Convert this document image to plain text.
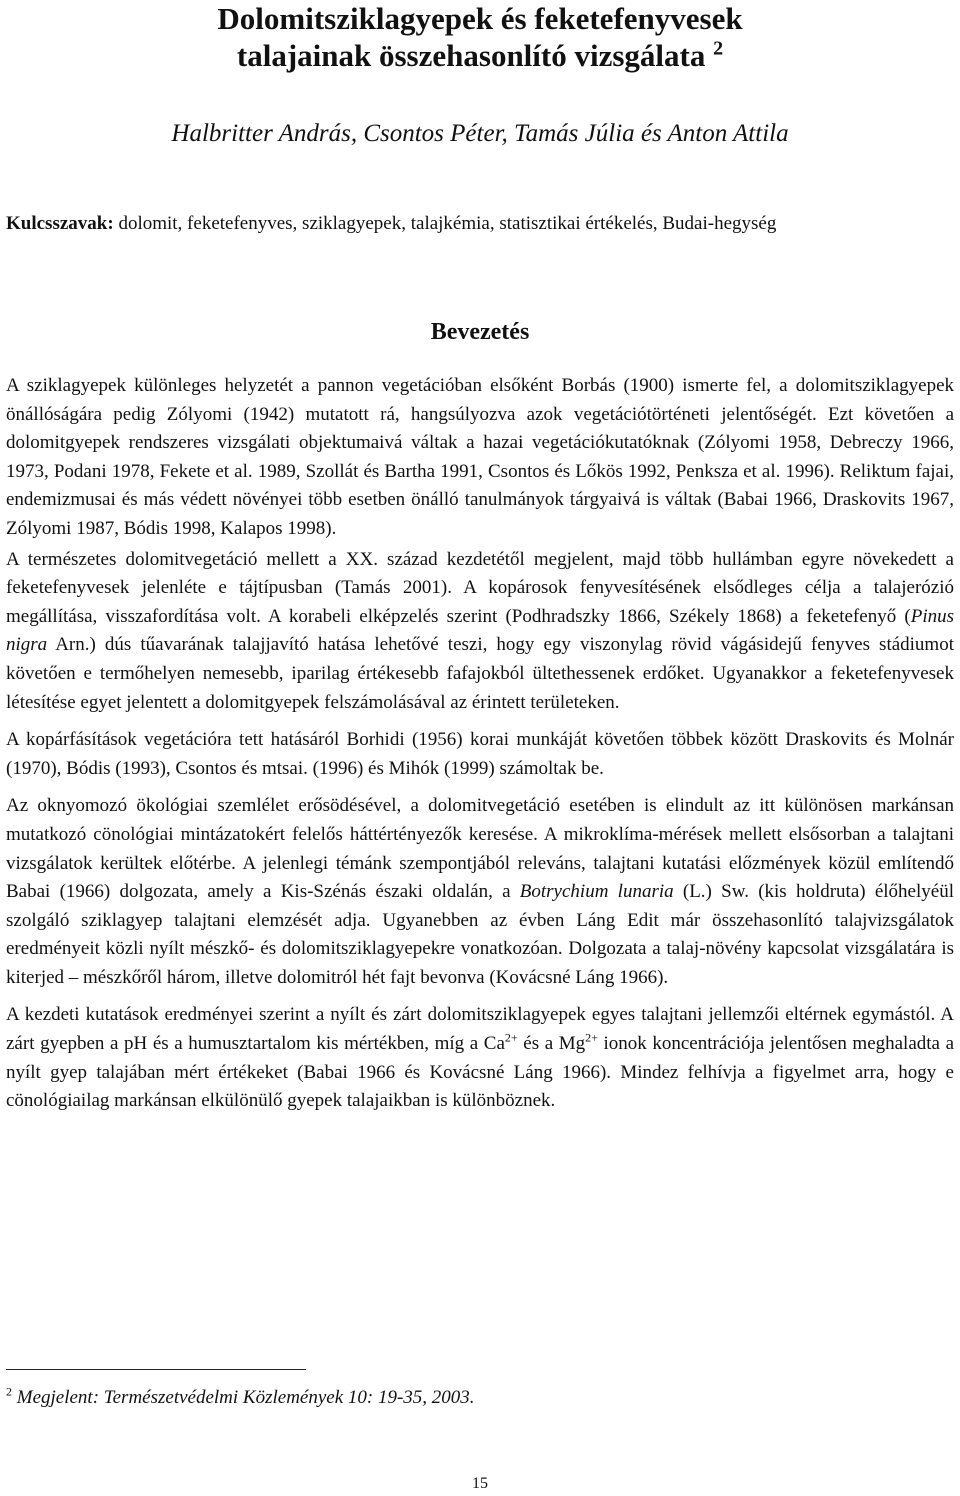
Dolomitsziklagyepek és feketefenyvesek
talajainak összehasonlító vizsgálata $^2$
Halbritter András, Csontos Péter, Tamás Júlia és Anton Attila
Kulcsszavak: dolomit, feketefenyves, sziklagyepek, talajkémia, statisztikai értékelés, Budai-hegység
Bevezetés

A sziklagyepek különleges helyzetét a pannon vegetációban elsőként Borbás (1900) ismerte fel, a dolomitsziklagyepek önállóságára pedig Zólyomi (1942) mutatott rá, hangsúlyozva azok vegetációtörténeti jelentőségét. Ezt követően a dolomitgyepek rendszeres vizsgálati objektumaivá váltak a hazai vegetációkutatóknak (Zólyomi 1958, Debreczy 1966, 1973, Podani 1978, Fekete et al. 1989, Szollát és Bartha 1991, Csontos és Lőkös 1992, Penksza et al. 1996). Reliktum fajai, endemizmusai és más védett növényei több esetben önálló tanulmányok tárgyaivá is váltak (Babai 1966, Draskovits 1967, Zólyomi 1987, Bódis 1998, Kalapos 1998).

A természetes dolomitvegetáció mellett a XX. század kezdetétől megjelent, majd több hullámban egyre növekedett a feketefenyvesek jelenléte e tájtípusban (Tamás 2001). A kopárosok fenyvesítésének elsődleges célja a talajerózió megállítása, visszafordítása volt. A korabeli elképzelés szerint (Podhradszky 1866, Székely 1868) a feketefenyő (Pinus nigra Arn.) dús tűavarának talajjavító hatása lehetővé teszi, hogy egy viszonylag rövid vágásidejű fenyves stádiumot követően e termőhelyen nemesebb, iparilag értékesebb fafajokból ültethessenek erdőket. Ugyanakkor a feketefenyvesek létesítése egyet jelentett a dolomitgyepek felszámolásával az érintett területeken.

A kopárfásítások vegetációra tett hatásáról Borhidi (1956) korai munkáját követően többek között Draskovits és Molnár (1970), Bódis (1993), Csontos és mtsai. (1996) és Mihók (1999) számoltak be.

Az oknyomozó ökológiai szemlélet erősödésével, a dolomitvegetáció esetében is elindult az itt különösen markánsan mutatkozó cönológiai mintázatokért felelős háttértényezők keresése. A mikroklíma-mérések mellett elsősorban a talajtani vizsgálatok kerültek előtérbe. A jelenlegi témánk szempontjából releváns, talajtani kutatási előzmények közül említendő Babai (1966) dolgozata, amely a Kis-Szénás északi oldalán, a Botrychium lunaria (L.) Sw. (kis holdruta) élőhelyéül szolgáló sziklagyep talajtani elemzését adja. Ugyanebben az évben Láng Edit már összehasonlító talajvizsgálatok eredményeit közli nyílt mészkő- és dolomitsziklagyepekre vonatkozóan. Dolgozata a talaj-növény kapcsolat vizsgálatára is kiterjed – mészkőről három, illetve dolomitról hét fajt bevonva (Kovácsné Láng 1966).

A kezdeti kutatások eredményei szerint a nyílt és zárt dolomitsziklagyepek egyes talajtani jellemzői eltérnek egymástól. A zárt gyepben a pH és a humusztartalom kis mértékben, míg a $Ca^{2+}$ és a $Mg^{2+}$ ionok koncentrációja jelentősen meghaladta a nyílt gyep talajában mért értékeket (Babai 1966 és Kovácsné Láng 1966). Mindez felhívja a figyelmet arra, hogy e cönológiailag markánsan elkülönülő gyepek talajaikban is különböznek.

$^2$ Megjelent: Természetvédelmi Közlemények 10: 19-35, 2003.
15
